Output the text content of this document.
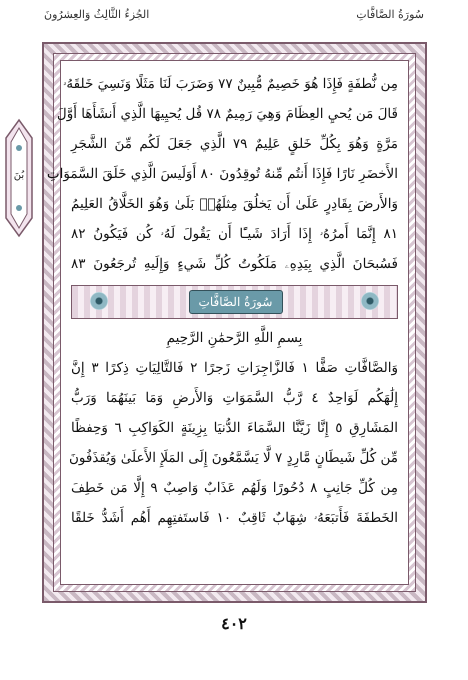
الجُزءُ الثَّالِثُ وَالعِشرُونَ	سُورَةُ الصَّافَّاتِ
بُنَ
مِن نُّطفَةٍ فَإِذَا هُوَ خَصِيمٌ مُّبِينٌ ٧٧ وَضَرَبَ لَنَا مَثَلًا وَنَسِيَ خَلقَهُۥ
قَالَ مَن يُحيِ العِظَامَ وَهِيَ رَمِيمٌ ٧٨ قُل يُحيِيهَا الَّذِي أَنشَأَهَا أَوَّلَ
مَرَّةٍ وَهُوَ بِكُلِّ خَلقٍ عَلِيمٌ ٧٩ الَّذِي جَعَلَ لَكُم مِّنَ الشَّجَرِ
الأَخضَرِ نَارًا فَإِذَا أَنتُم مِّنهُ تُوقِدُونَ ٨٠ أَوَلَيسَ الَّذِي خَلَقَ السَّمَوَاتِ
وَالأَرضَ بِقَادِرٍ عَلَىٰ أَن يَخلُقَ مِثلَهُمۚ بَلَىٰ وَهُوَ الخَلَّاقُ العَلِيمُ
٨١ إِنَّمَا أَمرُهُۥ إِذَا أَرَادَ شَيـًٔا أَن يَقُولَ لَهُۥ كُن فَيَكُونُ ٨٢
فَسُبحَانَ الَّذِي بِيَدِهِۦ مَلَكُوتُ كُلِّ شَيءٍ وَإِلَيهِ تُرجَعُونَ ٨٣
سُورَةُ الصَّافَّاتِ
بِسمِ اللَّهِ الرَّحمَٰنِ الرَّحِيمِ
وَالصَّافَّاتِ صَفًّا ١ فَالزَّاجِرَاتِ زَجرًا ٢ فَالتَّالِيَاتِ ذِكرًا ٣ إِنَّ
إِلَٰهَكُم لَوَاحِدٌ ٤ رَّبُّ السَّمَوَاتِ وَالأَرضِ وَمَا بَينَهُمَا وَرَبُّ
المَشَارِقِ ٥ إِنَّا زَيَّنَّا السَّمَاءَ الدُّنيَا بِزِينَةٍ الكَوَاكِبِ ٦ وَحِفظًا
مِّن كُلِّ شَيطَانٍ مَّارِدٍ ٧ لَّا يَسَّمَّعُونَ إِلَى المَلَإِ الأَعلَىٰ وَيُقذَفُونَ
مِن كُلِّ جَانِبٍ ٨ دُحُورًا وَلَهُم عَذَابٌ وَاصِبٌ ٩ إِلَّا مَن خَطِفَ
الخَطفَةَ فَأَتبَعَهُۥ شِهَابٌ ثَاقِبٌ ١٠ فَاستَفتِهِم أَهُم أَشَدُّ خَلقًا
٤٠٢
